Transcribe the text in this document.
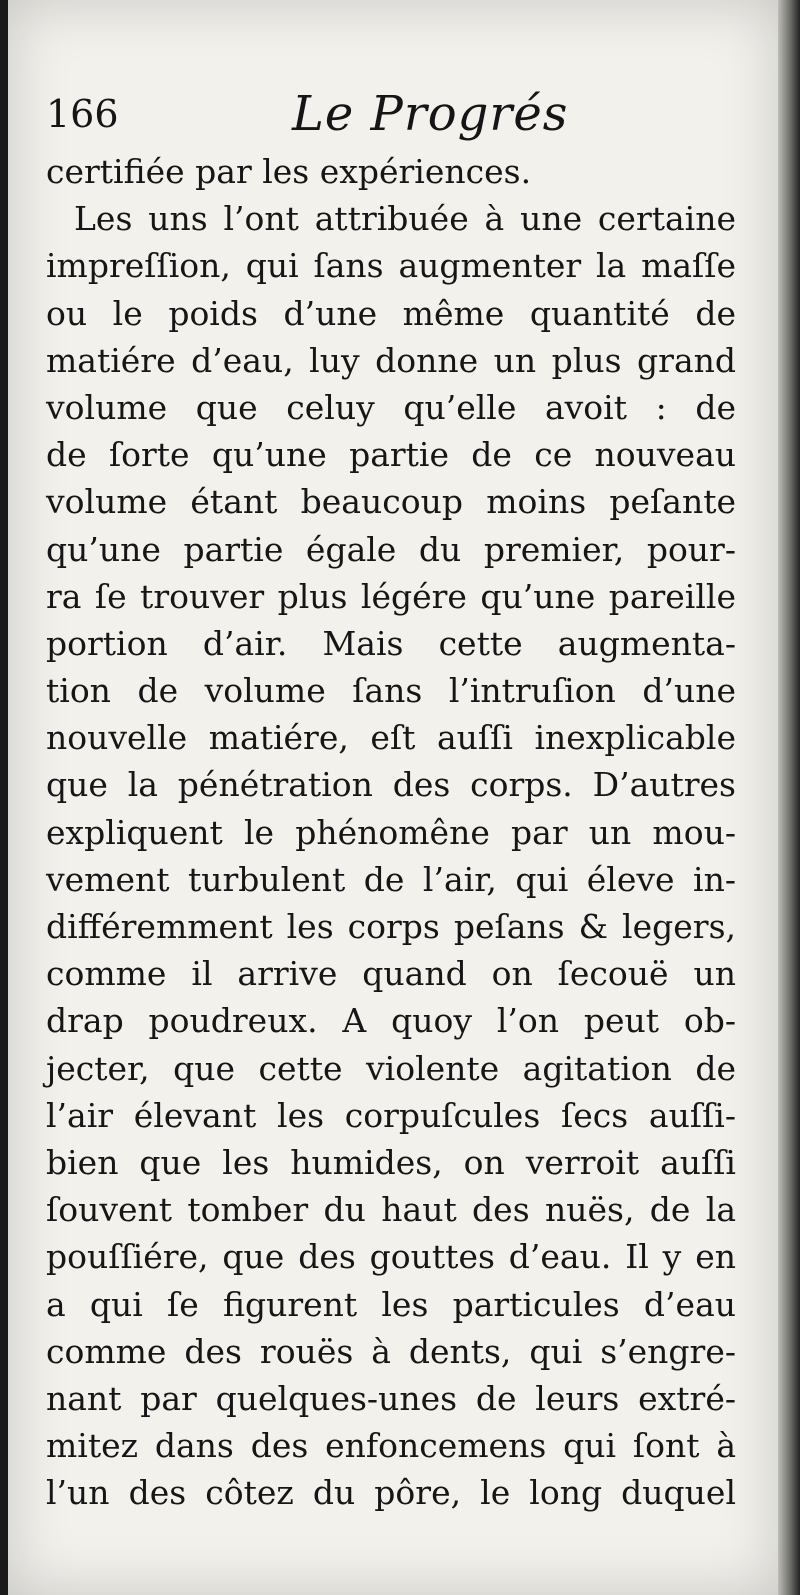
166	Le Progrés
certifiée par les expériences.
Les uns l’ont attribuée à une certaine
impreſſion, qui ſans augmenter la maſſe
ou le poids d’une même quantité de
matiére d’eau, luy donne un plus grand
volume que celuy qu’elle avoit : de
de ſorte qu’une partie de ce nouveau
volume étant beaucoup moins peſante
qu’une partie égale du premier, pour-
ra ſe trouver plus légére qu’une pareille
portion d’air. Mais cette augmenta-
tion de volume ſans l’intruſion d’une
nouvelle matiére, eſt auſſi inexplicable
que la pénétration des corps. D’autres
expliquent le phénomêne par un mou-
vement turbulent de l’air, qui éleve in-
différemment les corps peſans & legers,
comme il arrive quand on ſecouë un
drap poudreux. A quoy l’on peut ob-
jecter, que cette violente agitation de
l’air élevant les corpuſcules ſecs auſſi-
bien que les humides, on verroit auſſi
ſouvent tomber du haut des nuës, de la
pouſſiére, que des gouttes d’eau. Il y en
a qui ſe figurent les particules d’eau
comme des rouës à dents, qui s’engre-
nant par quelques-unes de leurs extré-
mitez dans des enfoncemens qui ſont à
l’un des côtez du pôre, le long duquel
